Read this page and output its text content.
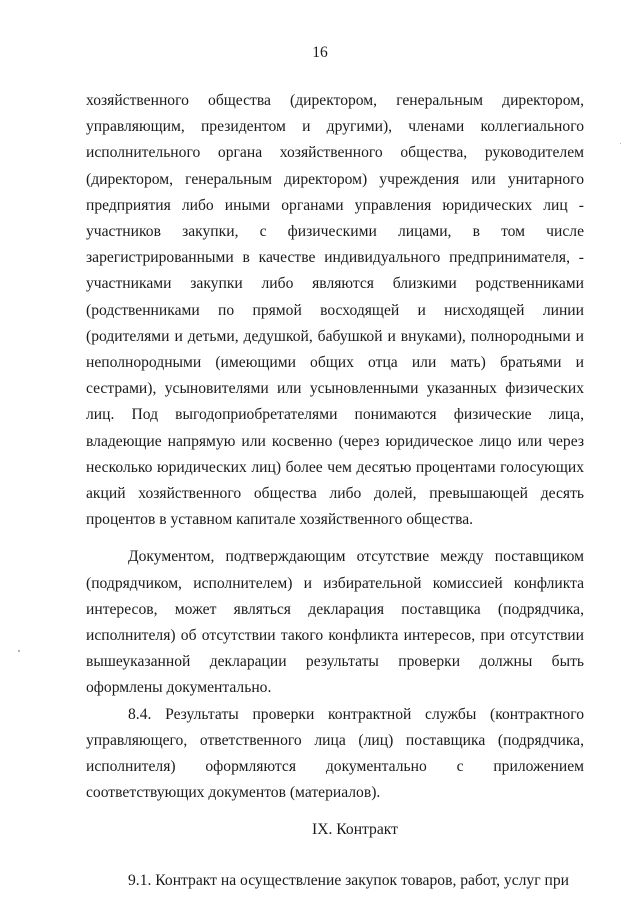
16

хозяйственного общества (директором, генеральным директором, управляющим, президентом и другими), членами коллегиального исполнительного органа хозяйственного общества, руководителем (директором, генеральным директором) учреждения или унитарного предприятия либо иными органами управления юридических лиц - участников закупки, с физическими лицами, в том числе зарегистрированными в качестве индивидуального предпринимателя, - участниками закупки либо являются близкими родственниками (родственниками по прямой восходящей и нисходящей линии (родителями и детьми, дедушкой, бабушкой и внуками), полнородными и неполнородными (имеющими общих отца или мать) братьями и сестрами), усыновителями или усыновленными указанных физических лиц. Под выгодоприобретателями понимаются физические лица, владеющие напрямую или косвенно (через юридическое лицо или через несколько юридических лиц) более чем десятью процентами голосующих акций хозяйственного общества либо долей, превышающей десять процентов в уставном капитале хозяйственного общества.

Документом, подтверждающим отсутствие между поставщиком (подрядчиком, исполнителем) и избирательной комиссией конфликта интересов, может являться декларация поставщика (подрядчика, исполнителя) об отсутствии такого конфликта интересов, при отсутствии вышеуказанной декларации результаты проверки должны быть оформлены документально.

8.4. Результаты проверки контрактной службы (контрактного управляющего, ответственного лица (лиц) поставщика (подрядчика, исполнителя) оформляются документально с приложением соответствующих документов (материалов).

IX. Контракт

9.1. Контракт на осуществление закупок товаров, работ, услуг при
